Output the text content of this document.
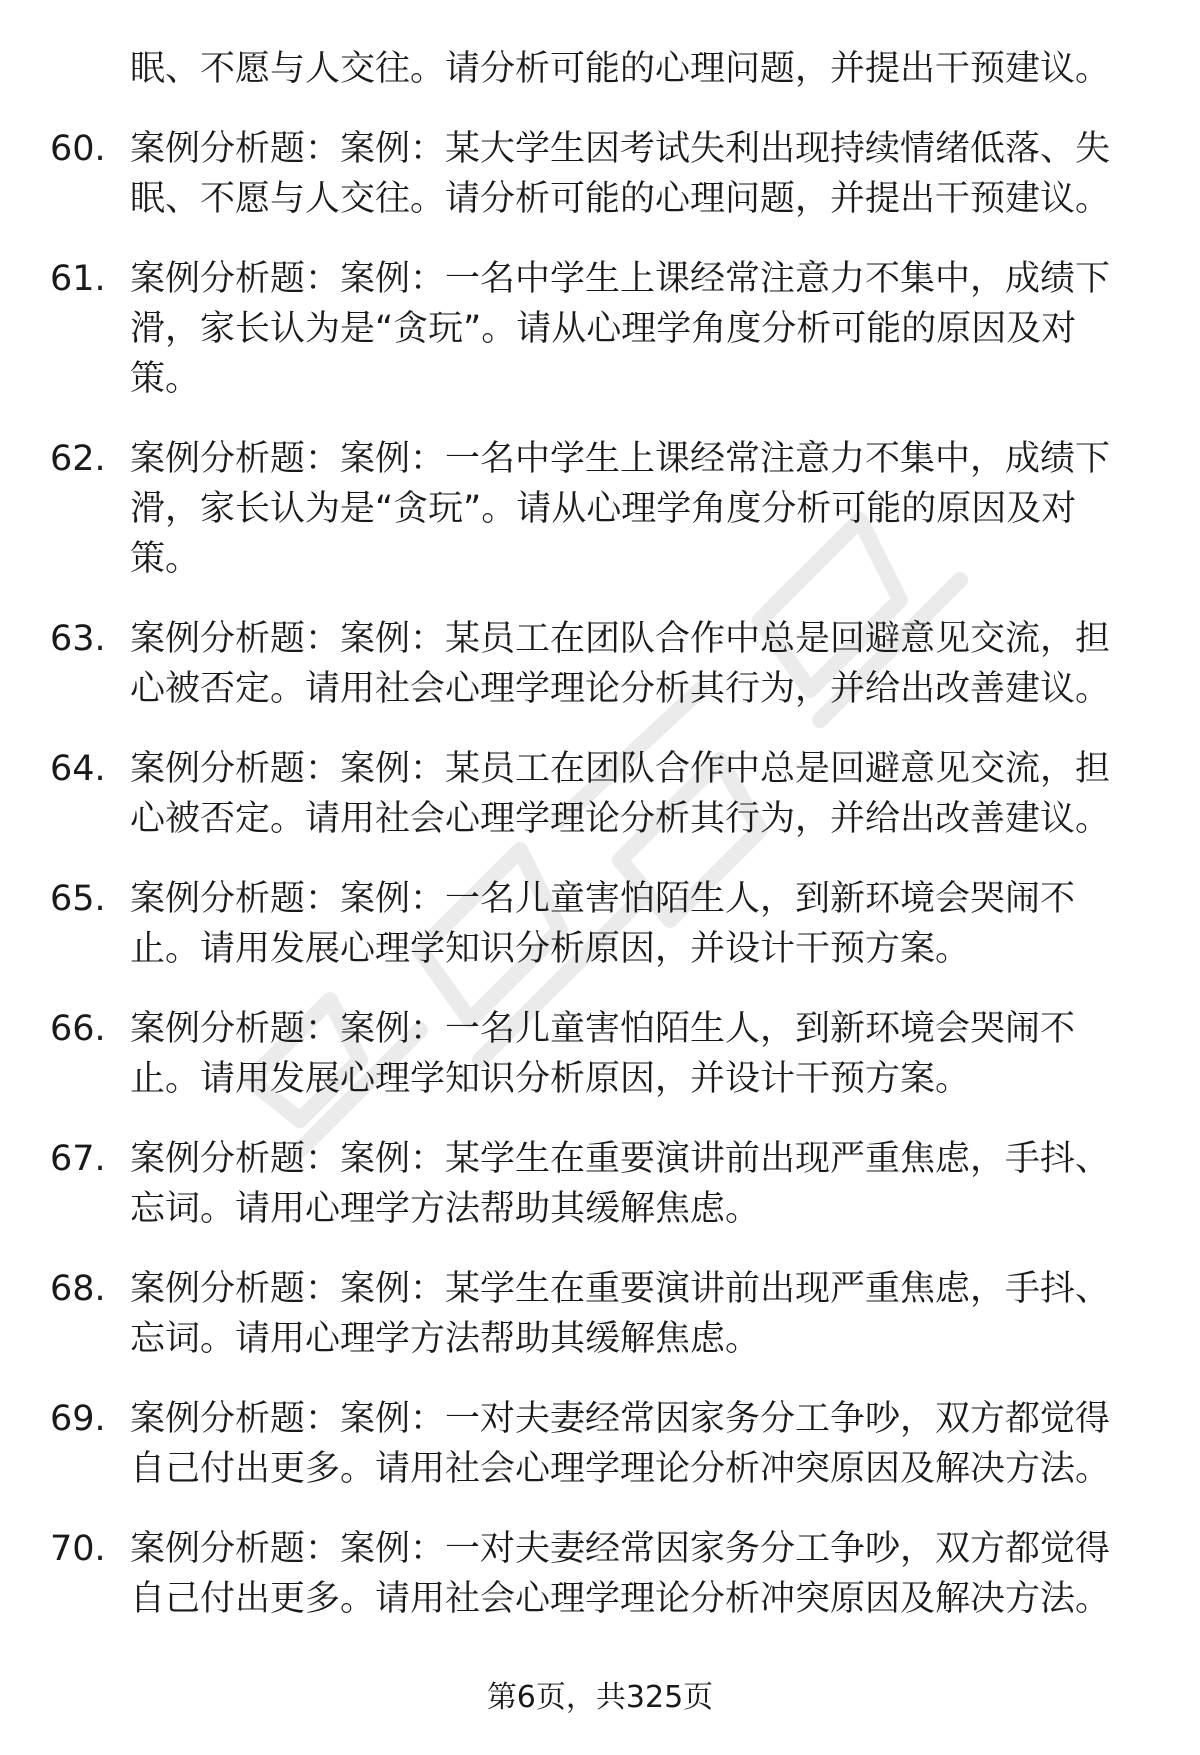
眠、不愿与人交往。请分析可能的心理问题，并提出干预建议。
60. 案例分析题：案例：某大学生因考试失利出现持续情绪低落、失眠、不愿与人交往。请分析可能的心理问题，并提出干预建议。
61. 案例分析题：案例：一名中学生上课经常注意力不集中，成绩下滑，家长认为是“贪玩”。请从心理学角度分析可能的原因及对策。
62. 案例分析题：案例：一名中学生上课经常注意力不集中，成绩下滑，家长认为是“贪玩”。请从心理学角度分析可能的原因及对策。
63. 案例分析题：案例：某员工在团队合作中总是回避意见交流，担心被否定。请用社会心理学理论分析其行为，并给出改善建议。
64. 案例分析题：案例：某员工在团队合作中总是回避意见交流，担心被否定。请用社会心理学理论分析其行为，并给出改善建议。
65. 案例分析题：案例：一名儿童害怕陌生人，到新环境会哭闹不止。请用发展心理学知识分析原因，并设计干预方案。
66. 案例分析题：案例：一名儿童害怕陌生人，到新环境会哭闹不止。请用发展心理学知识分析原因，并设计干预方案。
67. 案例分析题：案例：某学生在重要演讲前出现严重焦虑，手抖、忘词。请用心理学方法帮助其缓解焦虑。
68. 案例分析题：案例：某学生在重要演讲前出现严重焦虑，手抖、忘词。请用心理学方法帮助其缓解焦虑。
69. 案例分析题：案例：一对夫妻经常因家务分工争吵，双方都觉得自己付出更多。请用社会心理学理论分析冲突原因及解决方法。
70. 案例分析题：案例：一对夫妻经常因家务分工争吵，双方都觉得自己付出更多。请用社会心理学理论分析冲突原因及解决方法。
第6页，共325页
